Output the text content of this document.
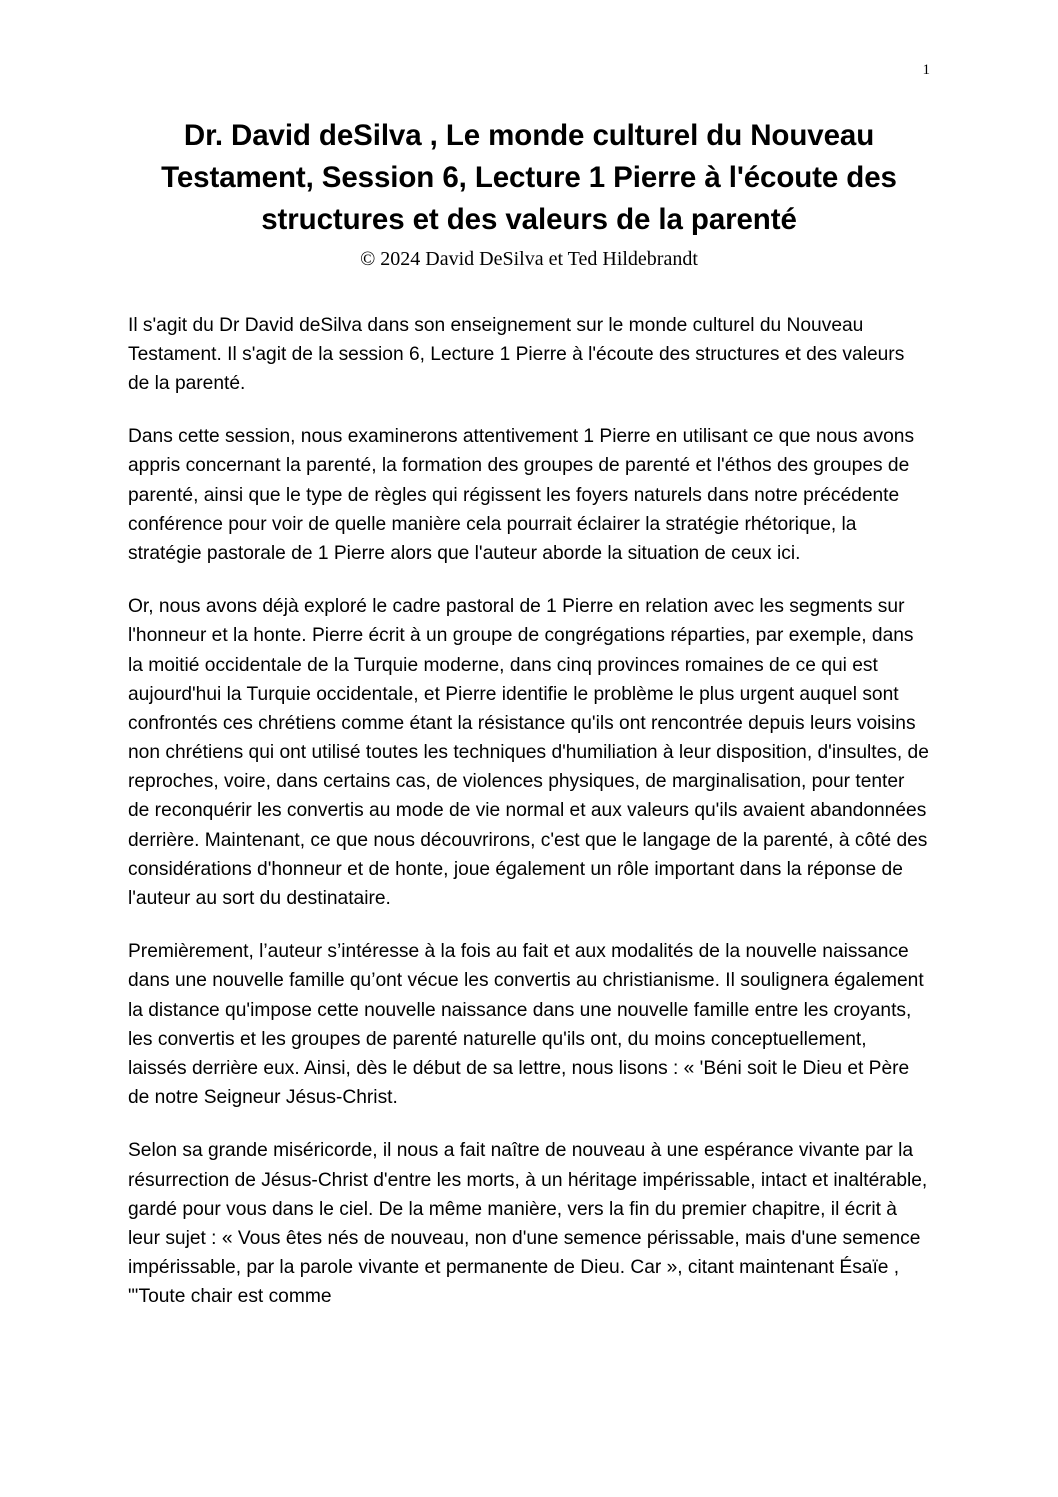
1
Dr. David deSilva , Le monde culturel du Nouveau Testament, Session 6, Lecture 1 Pierre à l'écoute des structures et des valeurs de la parenté
© 2024 David DeSilva et Ted Hildebrandt

Il s'agit du Dr David deSilva dans son enseignement sur le monde culturel du Nouveau Testament. Il s'agit de la session 6, Lecture 1 Pierre à l'écoute des structures et des valeurs de la parenté.

Dans cette session, nous examinerons attentivement 1 Pierre en utilisant ce que nous avons appris concernant la parenté, la formation des groupes de parenté et l'éthos des groupes de parenté, ainsi que le type de règles qui régissent les foyers naturels dans notre précédente conférence pour voir de quelle manière cela pourrait éclairer la stratégie rhétorique, la stratégie pastorale de 1 Pierre alors que l'auteur aborde la situation de ceux ici.

Or, nous avons déjà exploré le cadre pastoral de 1 Pierre en relation avec les segments sur l'honneur et la honte. Pierre écrit à un groupe de congrégations réparties, par exemple, dans la moitié occidentale de la Turquie moderne, dans cinq provinces romaines de ce qui est aujourd'hui la Turquie occidentale, et Pierre identifie le problème le plus urgent auquel sont confrontés ces chrétiens comme étant la résistance qu'ils ont rencontrée depuis leurs voisins non chrétiens qui ont utilisé toutes les techniques d'humiliation à leur disposition, d'insultes, de reproches, voire, dans certains cas, de violences physiques, de marginalisation, pour tenter de reconquérir les convertis au mode de vie normal et aux valeurs qu'ils avaient abandonnées derrière. Maintenant, ce que nous découvrirons, c'est que le langage de la parenté, à côté des considérations d'honneur et de honte, joue également un rôle important dans la réponse de l'auteur au sort du destinataire.

Premièrement, l’auteur s’intéresse à la fois au fait et aux modalités de la nouvelle naissance dans une nouvelle famille qu’ont vécue les convertis au christianisme. Il soulignera également la distance qu'impose cette nouvelle naissance dans une nouvelle famille entre les croyants, les convertis et les groupes de parenté naturelle qu'ils ont, du moins conceptuellement, laissés derrière eux. Ainsi, dès le début de sa lettre, nous lisons : « 'Béni soit le Dieu et Père de notre Seigneur Jésus-Christ.

Selon sa grande miséricorde, il nous a fait naître de nouveau à une espérance vivante par la résurrection de Jésus-Christ d'entre les morts, à un héritage impérissable, intact et inaltérable, gardé pour vous dans le ciel. De la même manière, vers la fin du premier chapitre, il écrit à leur sujet : « Vous êtes nés de nouveau, non d'une semence périssable, mais d'une semence impérissable, par la parole vivante et permanente de Dieu. Car », citant maintenant Ésaïe , "'Toute chair est comme
